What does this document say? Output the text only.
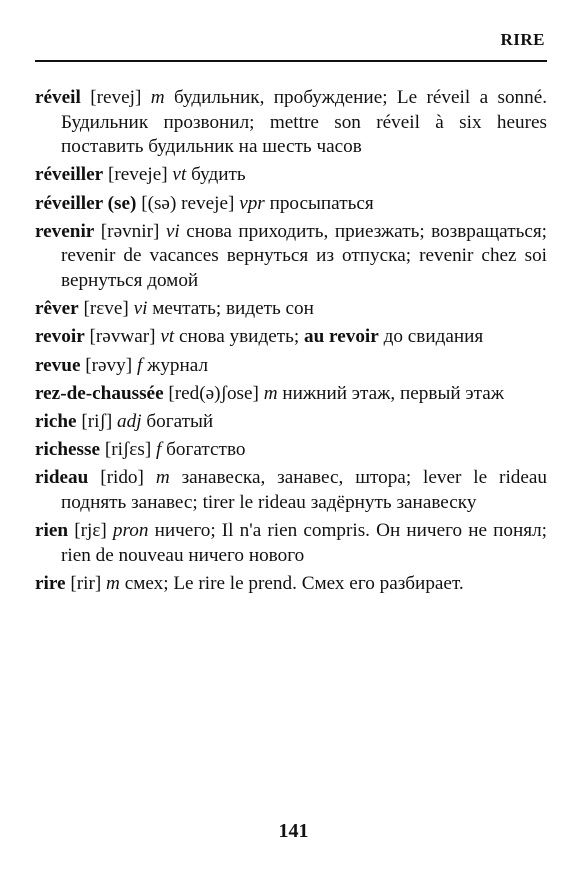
RIRE

réveil [revej] m будильник, пробуждение; Le réveil a sonné. Будильник прозвонил; mettre son réveil à six heures поставить будильник на шесть часов

réveiller [reveje] vt будить

réveiller (se) [(sə) reveje] vpr просыпаться

revenir [rəvnir] vi снова приходить, приезжать; возвращаться; revenir de vacances вернуться из отпуска; revenir chez soi вернуться домой

rêver [rɛve] vi мечтать; видеть сон

revoir [rəvwar] vt снова увидеть; au revoir до свидания

revue [rəvy] f журнал

rez-de-chaussée [red(ə)ʃose] m нижний этаж, первый этаж

riche [riʃ] adj богатый

richesse [riʃɛs] f богатство

rideau [rido] m занавеска, занавес, штора; lever le rideau поднять занавес; tirer le rideau задёрнуть занавеску

rien [rjɛ] pron ничего; Il n'a rien compris. Он ничего не понял; rien de nouveau ничего нового

rire [rir] m смех; Le rire le prend. Смех его разбирает.

141
